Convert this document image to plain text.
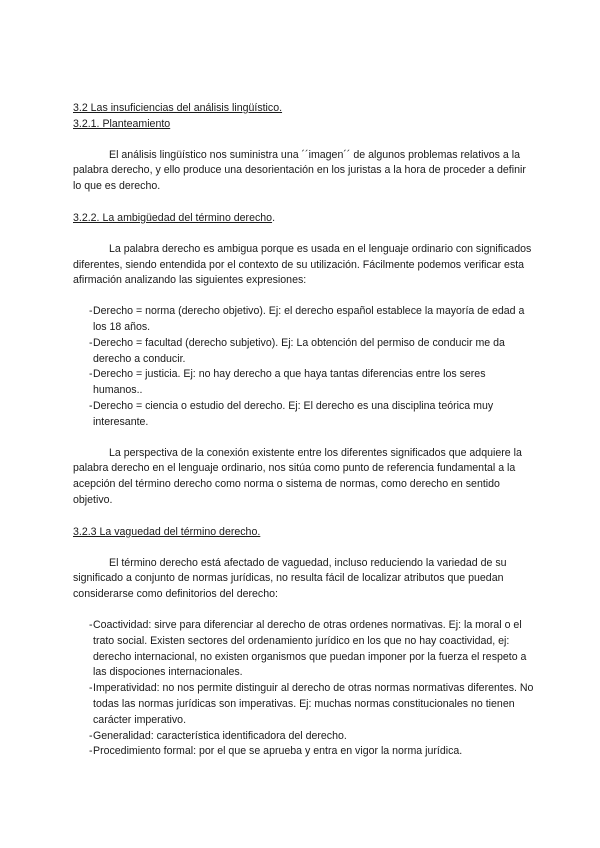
3.2 Las insuficiencias del análisis lingüístico.

3.2.1. Planteamiento

El análisis lingüístico nos suministra una ´´imagen´´ de algunos problemas relativos a la palabra derecho, y ello produce una desorientación en los juristas a la hora de proceder a definir lo que es derecho.

3.2.2. La ambigüedad del término derecho.

La palabra derecho es ambigua porque es usada en el lenguaje ordinario con significados diferentes, siendo entendida por el contexto de su utilización. Fácilmente podemos verificar esta afirmación analizando las siguientes expresiones:

- Derecho = norma (derecho objetivo). Ej: el derecho español establece la mayoría de edad a los 18 años.
- Derecho = facultad (derecho subjetivo). Ej: La obtención del permiso de conducir me da derecho a conducir.
- Derecho = justicia. Ej: no hay derecho a que haya tantas diferencias entre los seres humanos..
- Derecho = ciencia o estudio del derecho. Ej: El derecho es una disciplina teórica muy interesante.

La perspectiva de la conexión existente entre los diferentes significados que adquiere la palabra derecho en el lenguaje ordinario, nos sitúa como punto de referencia fundamental a la acepción del término derecho como norma o sistema de normas, como derecho en sentido objetivo.

3.2.3 La vaguedad del término derecho.

El término derecho está afectado de vaguedad, incluso reduciendo la variedad de su significado a conjunto de normas jurídicas, no resulta fácil de localizar atributos que puedan considerarse como definitorios del derecho:

- Coactividad: sirve para diferenciar al derecho de otras ordenes normativas. Ej: la moral o el trato social. Existen sectores del ordenamiento jurídico en los que no hay coactividad, ej: derecho internacional, no existen organismos que puedan imponer por la fuerza el respeto a las dispociones internacionales.
- Imperatividad: no nos permite distinguir al derecho de otras normas normativas diferentes. No todas las normas jurídicas son imperativas. Ej: muchas normas constitucionales no tienen carácter imperativo.
- Generalidad: característica identificadora del derecho.
- Procedimiento formal: por el que se aprueba y entra en vigor la norma jurídica.
